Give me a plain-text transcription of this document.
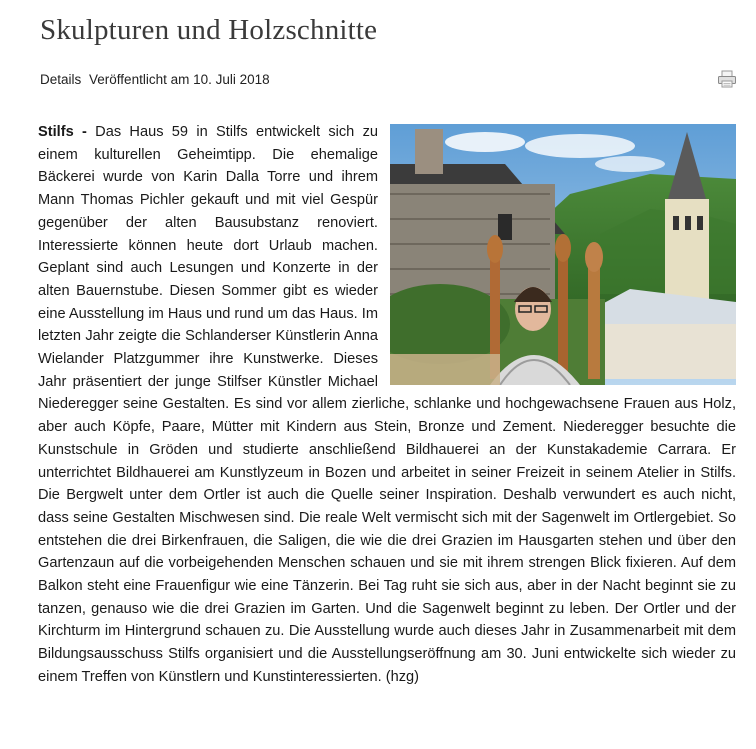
Skulpturen und Holzschnitte
Details Veröffentlicht am 10. Juli 2018
Stilfs - Das Haus 59 in Stilfs entwickelt sich zu einem kulturellen Geheimtipp. Die ehemalige Bäckerei wurde von Karin Dalla Torre und ihrem Mann Thomas Pichler gekauft und mit viel Gespür gegenüber der alten Bausubstanz renoviert. Interessierte können heute dort Urlaub machen. Geplant sind auch Lesungen und Konzerte in der alten Bauernstube. Diesen Sommer gibt es wieder eine Ausstellung im Haus und rund um das Haus. Im letzten Jahr zeigte die Schlanderser Künstlerin Anna Wielander Platzgummer ihre Kunstwerke. Dieses Jahr präsentiert der junge Stilfser Künstler Michael Niederegger seine Gestalten. Es sind vor allem zierliche, schlanke und hochgewachsene Frauen aus Holz, aber auch Köpfe, Paare, Mütter mit Kindern aus Stein, Bronze und Zement. Niederegger besuchte die Kunstschule in Gröden und studierte anschließend Bildhauerei an der Kunstakademie Carrara. Er unterrichtet Bildhauerei am Kunstlyzeum in Bozen und arbeitet in seiner Freizeit in seinem Atelier in Stilfs. Die Bergwelt unter dem Ortler ist auch die Quelle seiner Inspiration. Deshalb verwundert es auch nicht, dass seine Gestalten Mischwesen sind. Die reale Welt vermischt sich mit der Sagenwelt im Ortlergebiet. So entstehen die drei Birkenfrauen, die Saligen, die wie die drei Grazien im Hausgarten stehen und über den Gartenzaun auf die vorbeigehenden Menschen schauen und sie mit ihrem strengen Blick fixieren. Auf dem Balkon steht eine Frauenfigur wie eine Tänzerin. Bei Tag ruht sie sich aus, aber in der Nacht beginnt sie zu tanzen, genauso wie die drei Grazien im Garten. Und die Sagenwelt beginnt zu leben. Der Ortler und der Kirchturm im Hintergrund schauen zu. Die Ausstellung wurde auch dieses Jahr in Zusammenarbeit mit dem Bildungsausschuss Stilfs organisiert und die Ausstellungseröffnung am 30. Juni entwickelte sich wieder zu einem Treffen von Künstlern und Kunstinteressierten. (hzg)
